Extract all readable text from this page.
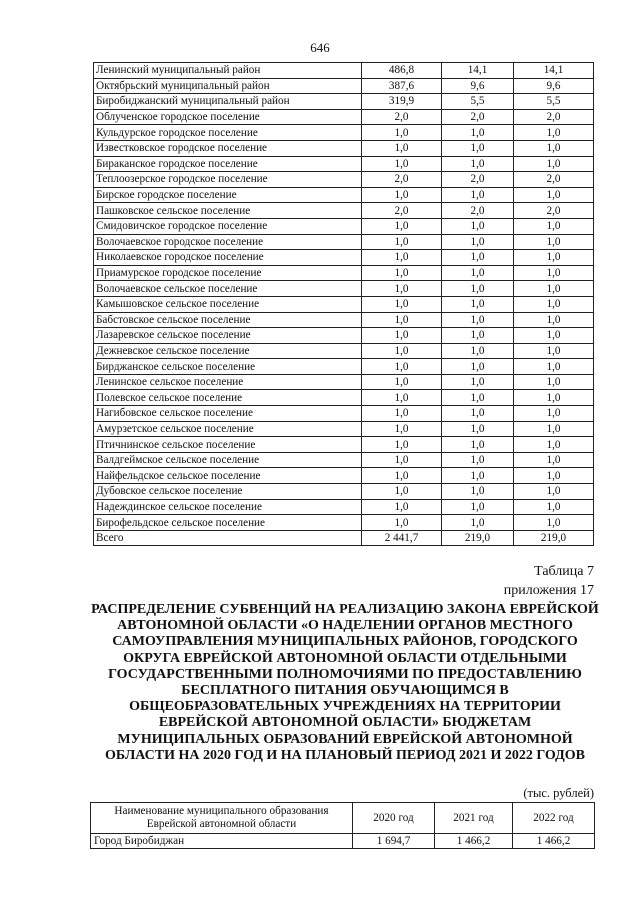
646
Ленинский муниципальный район	486,8	14,1	14,1
Октябрьский муниципальный район	387,6	9,6	9,6
Биробиджанский муниципальный район	319,9	5,5	5,5
Облученское городское поселение	2,0	2,0	2,0
Кульдурское городское поселение	1,0	1,0	1,0
Известковское городское поселение	1,0	1,0	1,0
Бираканское городское поселение	1,0	1,0	1,0
Теплоозерское городское поселение	2,0	2,0	2,0
Бирское городское поселение	1,0	1,0	1,0
Пашковское сельское поселение	2,0	2,0	2,0
Смидовичское городское поселение	1,0	1,0	1,0
Волочаевское городское поселение	1,0	1,0	1,0
Николаевское городское поселение	1,0	1,0	1,0
Приамурское городское поселение	1,0	1,0	1,0
Волочаевское сельское поселение	1,0	1,0	1,0
Камышовское сельское поселение	1,0	1,0	1,0
Бабстовское сельское поселение	1,0	1,0	1,0
Лазаревское сельское поселение	1,0	1,0	1,0
Дежневское сельское поселение	1,0	1,0	1,0
Бирджанское сельское поселение	1,0	1,0	1,0
Ленинское сельское поселение	1,0	1,0	1,0
Полевское сельское поселение	1,0	1,0	1,0
Нагибовское сельское поселение	1,0	1,0	1,0
Амурзетское сельское поселение	1,0	1,0	1,0
Птичнинское сельское поселение	1,0	1,0	1,0
Валдгеймское сельское поселение	1,0	1,0	1,0
Найфельдское сельское поселение	1,0	1,0	1,0
Дубовское сельское поселение	1,0	1,0	1,0
Надеждинское сельское поселение	1,0	1,0	1,0
Бирофельдское сельское поселение	1,0	1,0	1,0
Всего	2 441,7	219,0	219,0
Таблица 7
приложения 17
РАСПРЕДЕЛЕНИЕ СУБВЕНЦИЙ НА РЕАЛИЗАЦИЮ ЗАКОНА ЕВРЕЙСКОЙ АВТОНОМНОЙ ОБЛАСТИ «О НАДЕЛЕНИИ ОРГАНОВ МЕСТНОГО САМОУПРАВЛЕНИЯ МУНИЦИПАЛЬНЫХ РАЙОНОВ, ГОРОДСКОГО ОКРУГА ЕВРЕЙСКОЙ АВТОНОМНОЙ ОБЛАСТИ ОТДЕЛЬНЫМИ ГОСУДАРСТВЕННЫМИ ПОЛНОМОЧИЯМИ ПО ПРЕДОСТАВЛЕНИЮ БЕСПЛАТНОГО ПИТАНИЯ ОБУЧАЮЩИМСЯ В ОБЩЕОБРАЗОВАТЕЛЬНЫХ УЧРЕЖДЕНИЯХ НА ТЕРРИТОРИИ ЕВРЕЙСКОЙ АВТОНОМНОЙ ОБЛАСТИ» БЮДЖЕТАМ МУНИЦИПАЛЬНЫХ ОБРАЗОВАНИЙ ЕВРЕЙСКОЙ АВТОНОМНОЙ ОБЛАСТИ НА 2020 ГОД И НА ПЛАНОВЫЙ ПЕРИОД 2021 И 2022 ГОДОВ
(тыс. рублей)
Наименование муниципального образования Еврейской автономной области	2020 год	2021 год	2022 год
Город Биробиджан	1 694,7	1 466,2	1 466,2
